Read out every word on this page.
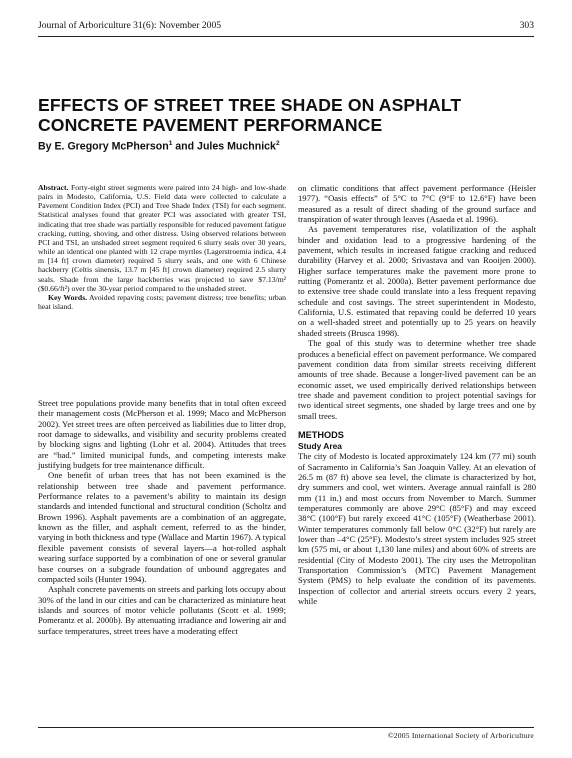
Journal of Arboriculture 31(6): November 2005	303
EFFECTS OF STREET TREE SHADE ON ASPHALT
CONCRETE PAVEMENT PERFORMANCE
By E. Gregory McPherson$^1$ and Jules Muchnick$^2$

Abstract. Forty-eight street segments were paired into 24 high- and low-shade pairs in Modesto, California, U.S. Field data were collected to calculate a Pavement Condition Index (PCI) and Tree Shade Index (TSI) for each segment. Statistical analyses found that greater PCI was associated with greater TSI, indicating that tree shade was partially responsible for reduced pavement fatigue cracking, rutting, shoving, and other distress. Using observed relations between PCI and TSI, an unshaded street segment required 6 slurry seals over 30 years, while an identical one planted with 12 crape myrtles (Lagerstroemia indica, 4.4 m [14 ft] crown diameter) required 5 slurry seals, and one with 6 Chinese hackberry (Celtis sinensis, 13.7 m [45 ft] crown diameter) required 2.5 slurry seals. Shade from the large hackberries was projected to save $7.13/m² ($0.66/ft²) over the 30-year period compared to the unshaded street.

Key Words. Avoided repaving costs; pavement distress; tree benefits; urban heat island.

Street tree populations provide many benefits that in total often exceed their management costs (McPherson et al. 1999; Maco and McPherson 2002). Yet street trees are often perceived as liabilities due to litter drop, root damage to sidewalks, and visibility and security problems created by blocking signs and lighting (Lohr et al. 2004). Attitudes that trees are “bad.” limited municipal funds, and competing interests make justifying budgets for tree maintenance difficult.

One benefit of urban trees that has not been examined is the relationship between tree shade and pavement performance. Performance relates to a pavement’s ability to maintain its design standards and intended functional and structural condition (Scholtz and Brown 1996). Asphalt pavements are a combination of an aggregate, known as the filler, and asphalt cement, referred to as the binder, varying in both thickness and type (Wallace and Martin 1967). A typical flexible pavement consists of several layers—a hot-rolled asphalt wearing surface supported by a combination of one or several granular base courses on a subgrade foundation of unbound aggregates and compacted soils (Hunter 1994).

Asphalt concrete pavements on streets and parking lots occupy about 30% of the land in our cities and can be characterized as miniature heat islands and sources of motor vehicle pollutants (Scott et al. 1999; Pomerantz et al. 2000b). By attenuating irradiance and lowering air and surface temperatures, street trees have a moderating effect

on climatic conditions that affect pavement performance (Heisler 1977). “Oasis effects” of 5°C to 7°C (9°F to 12.6°F) have been measured as a result of direct shading of the ground surface and transpiration of water through leaves (Asaeda et al. 1996).

As pavement temperatures rise, volatilization of the asphalt binder and oxidation lead to a progressive hardening of the pavement, which results in increased fatigue cracking and reduced durability (Harvey et al. 2000; Srivastava and van Rooijen 2000). Higher surface temperatures make the pavement more prone to rutting (Pomerantz et al. 2000a). Better pavement performance due to extensive tree shade could translate into a less frequent repaving schedule and cost savings. The street superintendent in Modesto, California, U.S. estimated that repaving could be deferred 10 years on a well-shaded street and potentially up to 25 years on heavily shaded streets (Brusca 1998).

The goal of this study was to determine whether tree shade produces a beneficial effect on pavement performance. We compared pavement condition data from similar streets receiving different amounts of tree shade. Because a longer-lived pavement can be an economic asset, we used empirically derived relationships between tree shade and pavement condition to project potential savings for two identical street segments, one shaded by large trees and one by small trees.

METHODS

Study Area

The city of Modesto is located approximately 124 km (77 mi) south of Sacramento in California’s San Joaquin Valley. At an elevation of 26.5 m (87 ft) above sea level, the climate is characterized by hot, dry summers and cool, wet winters. Average annual rainfall is 280 mm (11 in.) and most occurs from November to March. Summer temperatures commonly are above 29°C (85°F) and may exceed 38°C (100°F) but rarely exceed 41°C (105°F) (Weatherbase 2001). Winter temperatures commonly fall below 0°C (32°F) but rarely are lower than –4°C (25°F). Modesto’s street system includes 925 street km (575 mi, or about 1,130 lane miles) and about 60% of streets are residential (City of Modesto 2001). The city uses the Metropolitan Transportation Commission’s (MTC) Pavement Management System (PMS) to help evaluate the condition of its pavements. Inspection of collector and arterial streets occurs every 2 years, while

©2005 International Society of Arboriculture
